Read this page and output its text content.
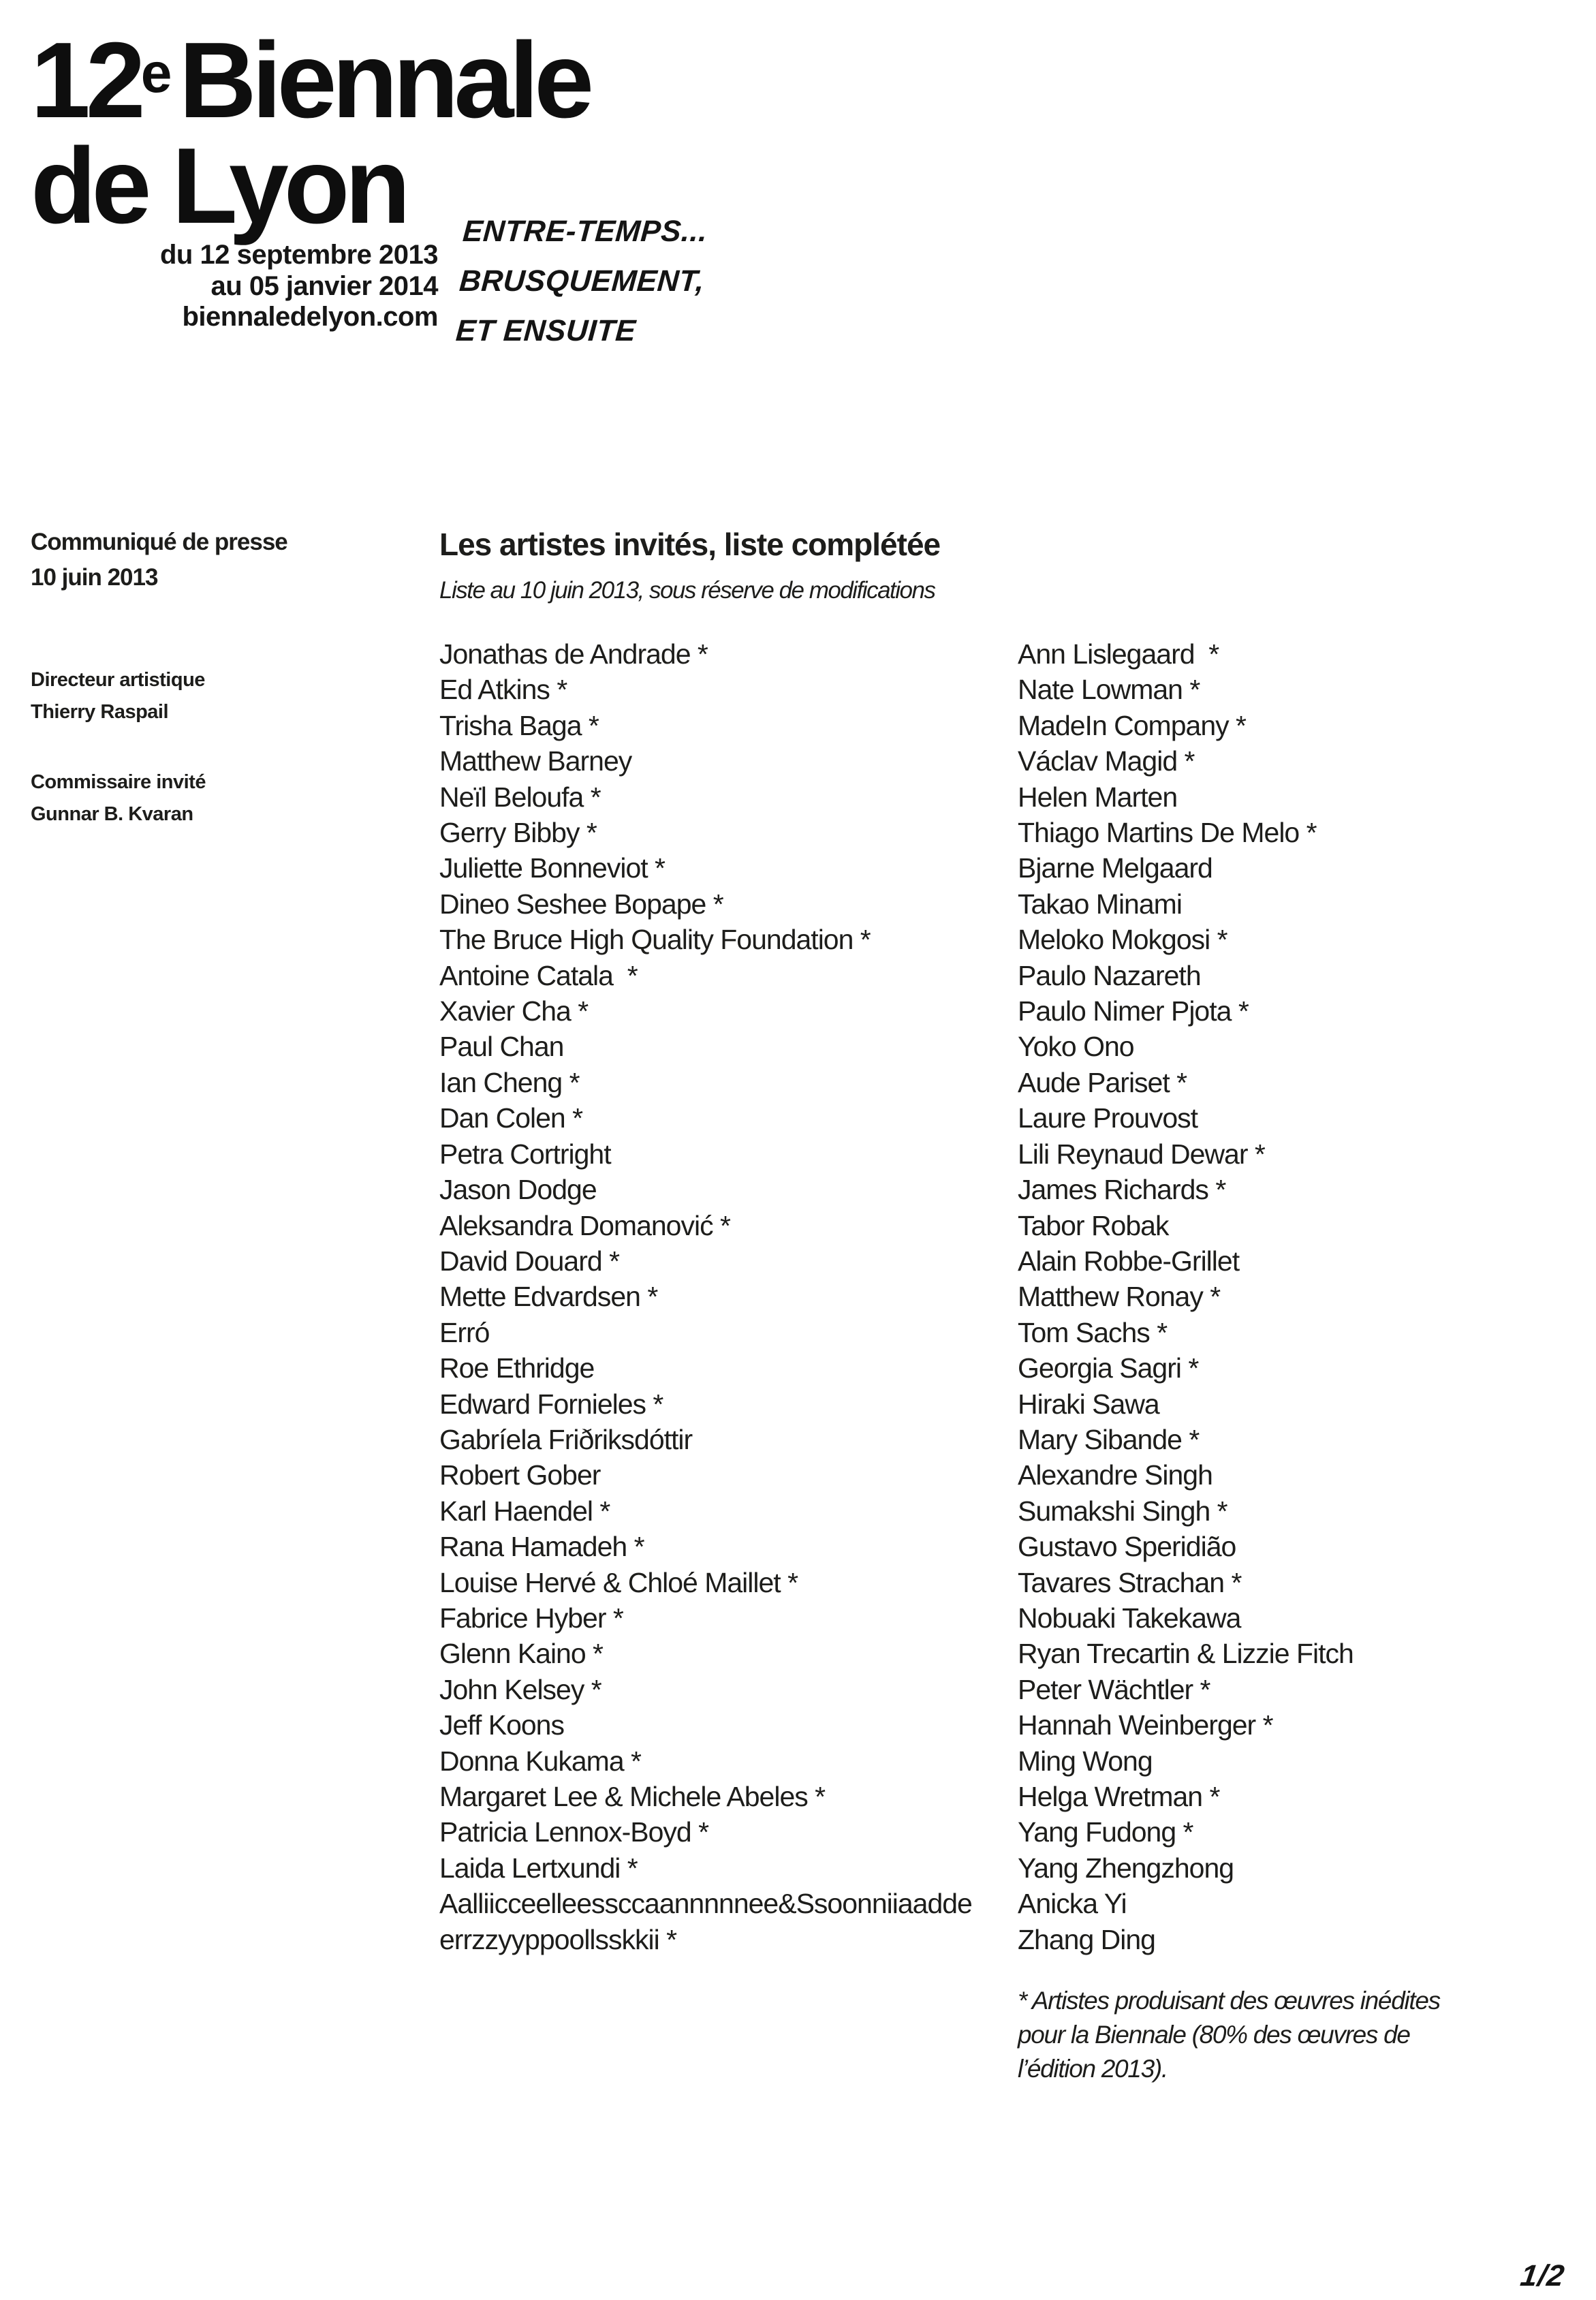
12eBiennale
de Lyon
du 12 septembre 2013
au 05 janvier 2014
biennaledelyon.com
ENTRE-TEMPS...
BRUSQUEMENT,
ET ENSUITE
Communiqué de presse
10 juin 2013
Directeur artistique
Thierry Raspail
Commissaire invité
Gunnar B. Kvaran
Les artistes invités, liste complétée
Liste au 10 juin 2013, sous réserve de modifications
Jonathas de Andrade *
Ed Atkins *
Trisha Baga *
Matthew Barney
Neïl Beloufa *
Gerry Bibby *
Juliette Bonneviot *
Dineo Seshee Bopape *
The Bruce High Quality Foundation *
Antoine Catala  *
Xavier Cha *
Paul Chan
Ian Cheng *
Dan Colen *
Petra Cortright
Jason Dodge
Aleksandra Domanović *
David Douard *
Mette Edvardsen *
Erró
Roe Ethridge
Edward Fornieles *
Gabríela Friðriksdóttir
Robert Gober
Karl Haendel *
Rana Hamadeh *
Louise Hervé & Chloé Maillet *
Fabrice Hyber *
Glenn Kaino *
John Kelsey *
Jeff Koons
Donna Kukama *
Margaret Lee & Michele Abeles *
Patricia Lennox-Boyd *
Laida Lertxundi *
Aalliicceelleessccaannnnnee&Ssoonniiaadde
errzzyyppoollsskkii *
Ann Lislegaard  *
Nate Lowman *
MadeIn Company *
Václav Magid *
Helen Marten
Thiago Martins De Melo *
Bjarne Melgaard
Takao Minami
Meloko Mokgosi *
Paulo Nazareth
Paulo Nimer Pjota *
Yoko Ono
Aude Pariset *
Laure Prouvost
Lili Reynaud Dewar *
James Richards *
Tabor Robak
Alain Robbe-Grillet
Matthew Ronay *
Tom Sachs *
Georgia Sagri *
Hiraki Sawa
Mary Sibande *
Alexandre Singh
Sumakshi Singh *
Gustavo Speridião
Tavares Strachan *
Nobuaki Takekawa
Ryan Trecartin & Lizzie Fitch
Peter Wächtler *
Hannah Weinberger *
Ming Wong
Helga Wretman *
Yang Fudong *
Yang Zhengzhong
Anicka Yi
Zhang Ding
* Artistes produisant des œuvres inédites
pour la Biennale (80% des œuvres de
l’édition 2013).
1/2
